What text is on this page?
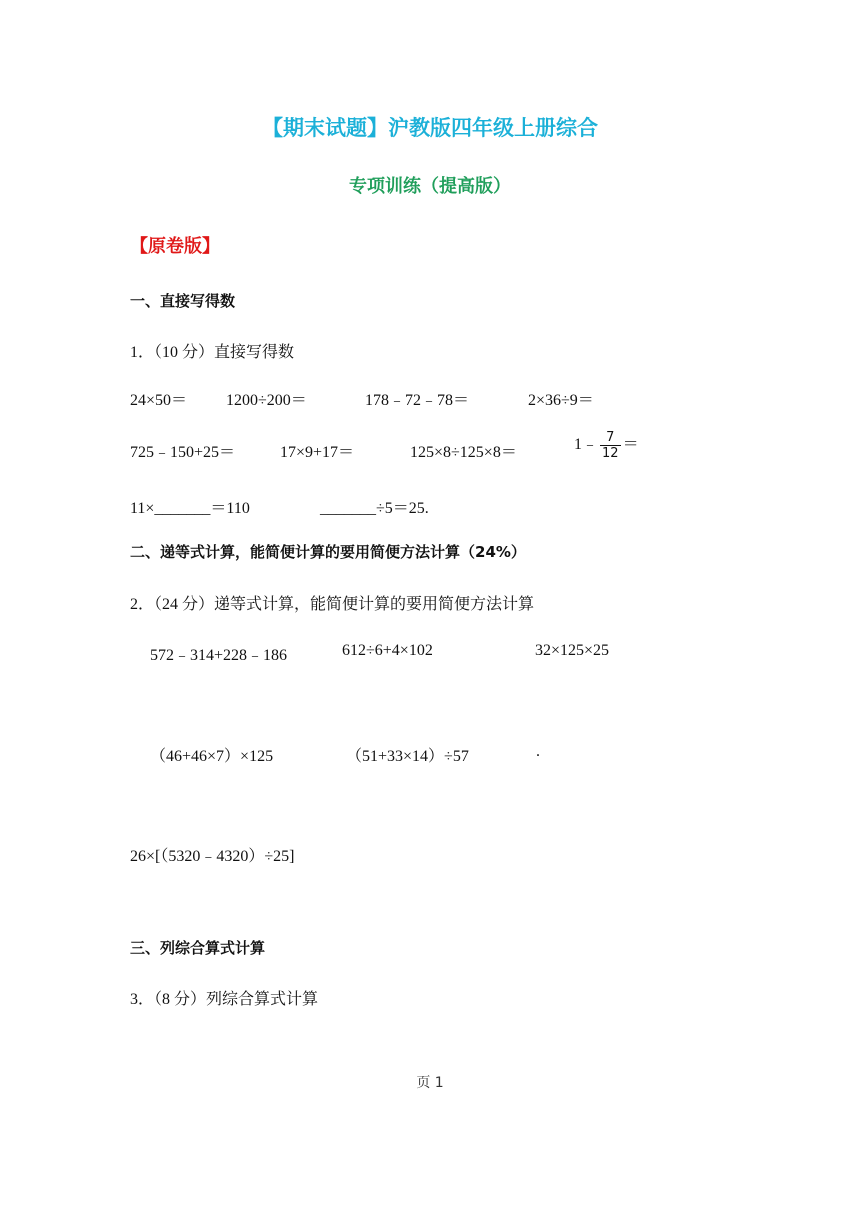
【期末试题】沪教版四年级上册综合
专项训练（提高版）
【原卷版】
一、直接写得数
1．（10 分）直接写得数
24×50＝ 1200÷200＝	178﹣72﹣78＝	2×36÷9＝
725﹣150+25＝	17×9+17＝	125×8÷125×8＝	1﹣ $\frac{7}{12}$ ＝
11×_______＝110	_______÷5＝25.
二、递等式计算，能简便计算的要用简便方法计算（24%）
2．（24 分）递等式计算，能简便计算的要用简便方法计算
572﹣314+228﹣186	612÷6+4×102	32×125×25
（46+46×7）×125	（51+33×14）÷57	.
26×[（5320﹣4320）÷25]
三、列综合算式计算
3．（8 分）列综合算式计算
页 1
